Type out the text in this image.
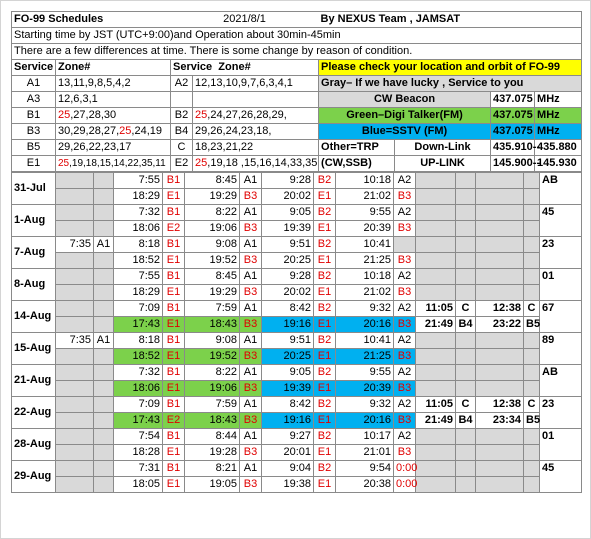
FO-99 Schedules		2021/8/1		By NEXUS Team , JAMSAT			
Starting time by JST (UTC+9:00)and Operation about 30min-45min							
There are a few differences at time. There is some change by reason of condition.							
Service	Zone#	Service Zone#		Please check your location and orbit of FO-99			
A1	13,11,9,8,5,4,2	A2	12,13,10,9,7,6,3,4,1	Gray– If we have lucky , Service to you			
A3	12,6,3,1			CW Beacon		437.075	MHz
B1	25,27,28,30	B2	25,24,27,26,28,29,	Green–Digi Talker(FM)		437.075	MHz
B3	30,29,28,27,25,24,19	B4	29,26,24,23,18,	Blue=SSTV (FM)		437.075	MHz
B5	29,26,22,23,17	C	18,23,21,22	Other=TRP	Down-Link	435.910--	435.880
E1	25,19,18,15,14,22,35,11	E2	25,19,18 ,15,16,14,33,35	(CW,SSB)	UP-LINK	145.900--	145.930
31-Jul			7:55	B1	8:45	A1	9:28	B2	10:18	A2					AB
			18:29	E1	19:29	B3	20:02	E1	21:02	B3					
1-Aug			7:32	B1	8:22	A1	9:05	B2	9:55	A2					45
			18:06	E2	19:06	B3	19:39	E1	20:39	B3					
7-Aug	7:35	A1	8:18	B1	9:08	A1	9:51	B2	10:41						23
			18:52	E1	19:52	B3	20:25	E1	21:25	B3					
8-Aug			7:55	B1	8:45	A1	9:28	B2	10:18	A2					01
			18:29	E1	19:29	B3	20:02	E1	21:02	B3					
14-Aug			7:09	B1	7:59	A1	8:42	B2	9:32	A2	11:05	C	12:38	C	67
			17:43	E1	18:43	B3	19:16	E1	20:16	B3	21:49	B4	23:22	B5	
15-Aug	7:35	A1	8:18	B1	9:08	A1	9:51	B2	10:41	A2					89
			18:52	E1	19:52	B3	20:25	E1	21:25	B3					
21-Aug			7:32	B1	8:22	A1	9:05	B2	9:55	A2					AB
			18:06	E1	19:06	B3	19:39	E1	20:39	B3					
22-Aug			7:09	B1	7:59	A1	8:42	B2	9:32	A2	11:05	C	12:38	C	23
			17:43	E2	18:43	B3	19:16	E1	20:16	B3	21:49	B4	23:34	B5	
28-Aug			7:54	B1	8:44	A1	9:27	B2	10:17	A2					01
			18:28	E1	19:28	B3	20:01	E1	21:01	B3					
29-Aug			7:31	B1	8:21	A1	9:04	B2	9:54	0:00					45
			18:05	E1	19:05	B3	19:38	E1	20:38	0:00					
